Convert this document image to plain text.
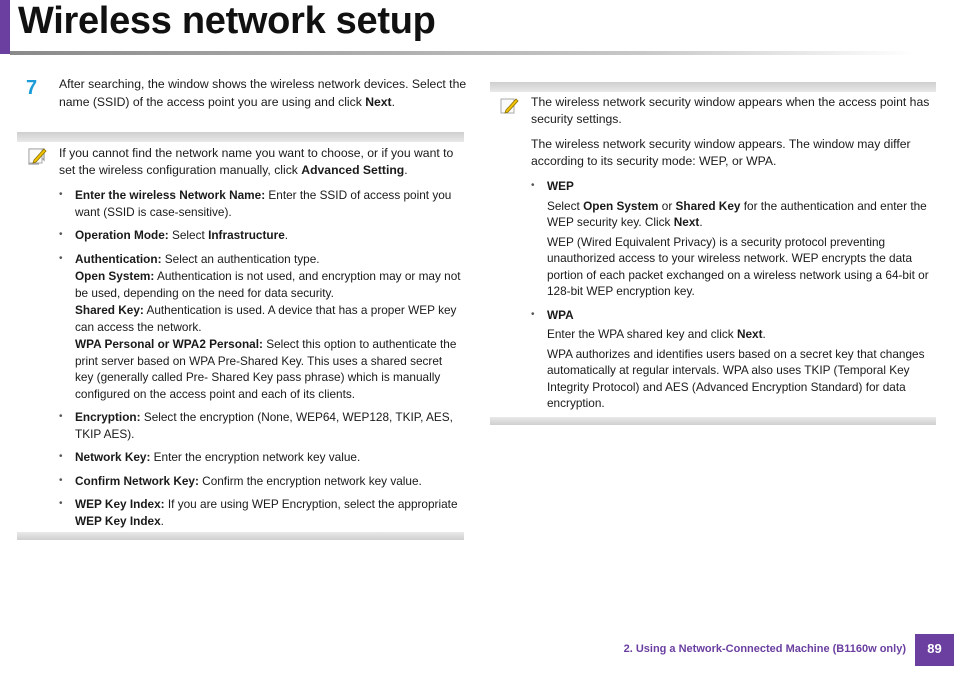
Wireless network setup
7 After searching, the window shows the wireless network devices. Select the name (SSID) of the access point you are using and click Next.

If you cannot find the network name you want to choose, or if you want to set the wireless configuration manually, click Advanced Setting.

• Enter the wireless Network Name: Enter the SSID of access point you want (SSID is case-sensitive).
• Operation Mode: Select Infrastructure.
• Authentication: Select an authentication type.
Open System: Authentication is not used, and encryption may or may not be used, depending on the need for data security.
Shared Key: Authentication is used. A device that has a proper WEP key can access the network.
WPA Personal or WPA2 Personal: Select this option to authenticate the print server based on WPA Pre-Shared Key. This uses a shared secret key (generally called Pre- Shared Key pass phrase) which is manually configured on the access point and each of its clients.
• Encryption: Select the encryption (None, WEP64, WEP128, TKIP, AES, TKIP AES).
• Network Key: Enter the encryption network key value.
• Confirm Network Key: Confirm the encryption network key value.
• WEP Key Index: If you are using WEP Encryption, select the appropriate WEP Key Index.

The wireless network security window appears when the access point has security settings.

The wireless network security window appears. The window may differ according to its security mode: WEP, or WPA.

• WEP
Select Open System or Shared Key for the authentication and enter the WEP security key. Click Next.
WEP (Wired Equivalent Privacy) is a security protocol preventing unauthorized access to your wireless network. WEP encrypts the data portion of each packet exchanged on a wireless network using a 64-bit or 128-bit WEP encryption key.
• WPA
Enter the WPA shared key and click Next.
WPA authorizes and identifies users based on a secret key that changes automatically at regular intervals. WPA also uses TKIP (Temporal Key Integrity Protocol) and AES (Advanced Encryption Standard) for data encryption.
2. Using a Network-Connected Machine (B1160w only)	89
